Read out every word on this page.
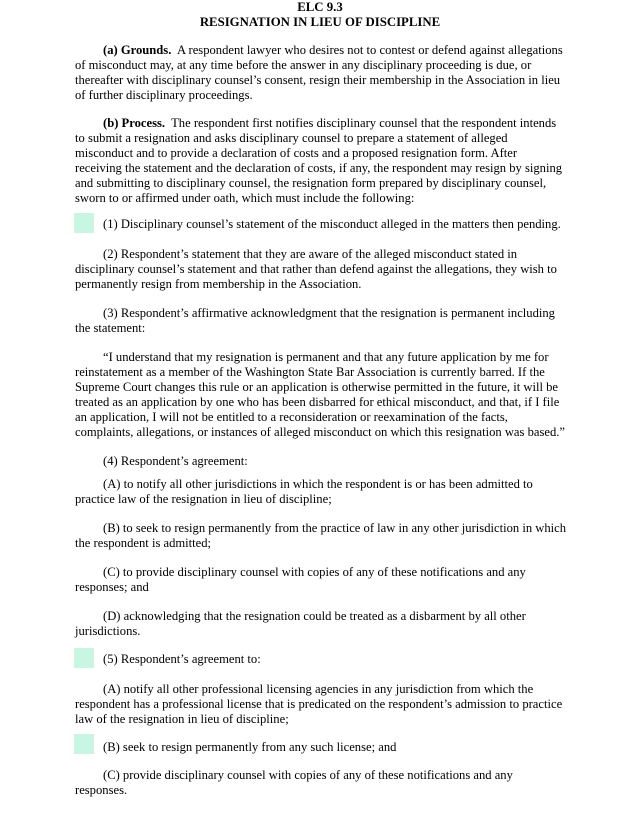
ELC 9.3
RESIGNATION IN LIEU OF DISCIPLINE

(a) Grounds. A respondent lawyer who desires not to contest or defend against allegations of misconduct may, at any time before the answer in any disciplinary proceeding is due, or thereafter with disciplinary counsel’s consent, resign their membership in the Association in lieu of further disciplinary proceedings.

(b) Process. The respondent first notifies disciplinary counsel that the respondent intends to submit a resignation and asks disciplinary counsel to prepare a statement of alleged misconduct and to provide a declaration of costs and a proposed resignation form. After receiving the statement and the declaration of costs, if any, the respondent may resign by signing and submitting to disciplinary counsel, the resignation form prepared by disciplinary counsel, sworn to or affirmed under oath, which must include the following:

(1) Disciplinary counsel’s statement of the misconduct alleged in the matters then pending.

(2) Respondent’s statement that they are aware of the alleged misconduct stated in disciplinary counsel’s statement and that rather than defend against the allegations, they wish to permanently resign from membership in the Association.

(3) Respondent’s affirmative acknowledgment that the resignation is permanent including the statement:

“I understand that my resignation is permanent and that any future application by me for reinstatement as a member of the Washington State Bar Association is currently barred. If the Supreme Court changes this rule or an application is otherwise permitted in the future, it will be treated as an application by one who has been disbarred for ethical misconduct, and that, if I file an application, I will not be entitled to a reconsideration or reexamination of the facts, complaints, allegations, or instances of alleged misconduct on which this resignation was based.”

(4) Respondent’s agreement:

(A) to notify all other jurisdictions in which the respondent is or has been admitted to practice law of the resignation in lieu of discipline;

(B) to seek to resign permanently from the practice of law in any other jurisdiction in which the respondent is admitted;

(C) to provide disciplinary counsel with copies of any of these notifications and any responses; and

(D) acknowledging that the resignation could be treated as a disbarment by all other jurisdictions.

(5) Respondent’s agreement to:

(A) notify all other professional licensing agencies in any jurisdiction from which the respondent has a professional license that is predicated on the respondent’s admission to practice law of the resignation in lieu of discipline;

(B) seek to resign permanently from any such license; and

(C) provide disciplinary counsel with copies of any of these notifications and any responses.
